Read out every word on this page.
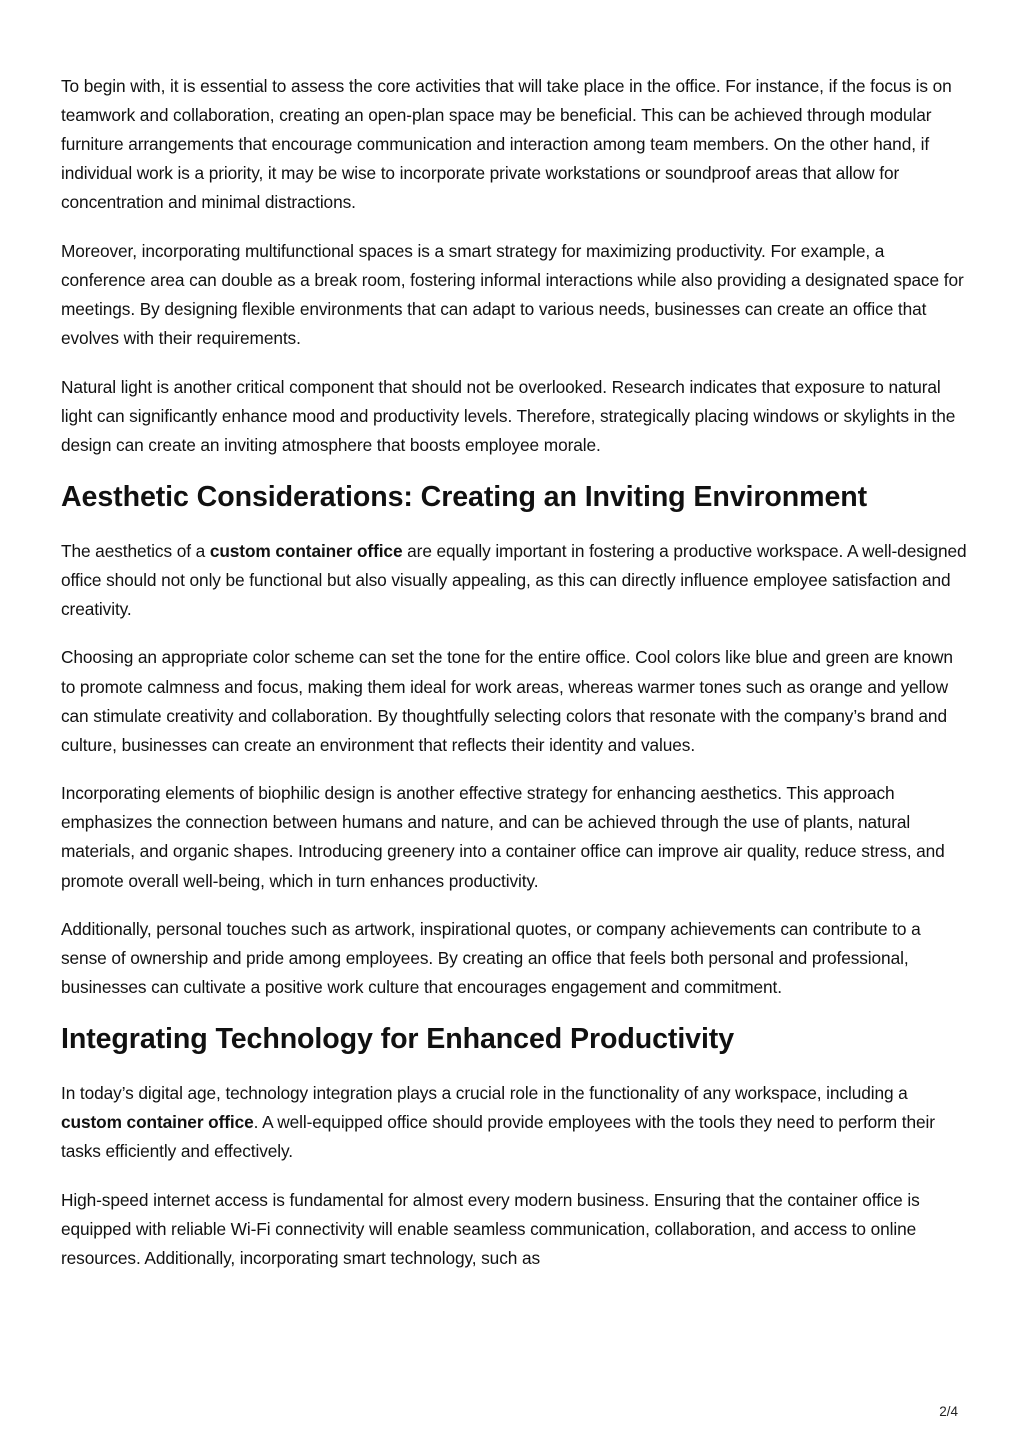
To begin with, it is essential to assess the core activities that will take place in the office. For instance, if the focus is on teamwork and collaboration, creating an open-plan space may be beneficial. This can be achieved through modular furniture arrangements that encourage communication and interaction among team members. On the other hand, if individual work is a priority, it may be wise to incorporate private workstations or soundproof areas that allow for concentration and minimal distractions.

Moreover, incorporating multifunctional spaces is a smart strategy for maximizing productivity. For example, a conference area can double as a break room, fostering informal interactions while also providing a designated space for meetings. By designing flexible environments that can adapt to various needs, businesses can create an office that evolves with their requirements.

Natural light is another critical component that should not be overlooked. Research indicates that exposure to natural light can significantly enhance mood and productivity levels. Therefore, strategically placing windows or skylights in the design can create an inviting atmosphere that boosts employee morale.

Aesthetic Considerations: Creating an Inviting Environment

The aesthetics of a custom container office are equally important in fostering a productive workspace. A well-designed office should not only be functional but also visually appealing, as this can directly influence employee satisfaction and creativity.

Choosing an appropriate color scheme can set the tone for the entire office. Cool colors like blue and green are known to promote calmness and focus, making them ideal for work areas, whereas warmer tones such as orange and yellow can stimulate creativity and collaboration. By thoughtfully selecting colors that resonate with the company’s brand and culture, businesses can create an environment that reflects their identity and values.

Incorporating elements of biophilic design is another effective strategy for enhancing aesthetics. This approach emphasizes the connection between humans and nature, and can be achieved through the use of plants, natural materials, and organic shapes. Introducing greenery into a container office can improve air quality, reduce stress, and promote overall well-being, which in turn enhances productivity.

Additionally, personal touches such as artwork, inspirational quotes, or company achievements can contribute to a sense of ownership and pride among employees. By creating an office that feels both personal and professional, businesses can cultivate a positive work culture that encourages engagement and commitment.

Integrating Technology for Enhanced Productivity

In today’s digital age, technology integration plays a crucial role in the functionality of any workspace, including a custom container office. A well-equipped office should provide employees with the tools they need to perform their tasks efficiently and effectively.

High-speed internet access is fundamental for almost every modern business. Ensuring that the container office is equipped with reliable Wi-Fi connectivity will enable seamless communication, collaboration, and access to online resources. Additionally, incorporating smart technology, such as

2/4
